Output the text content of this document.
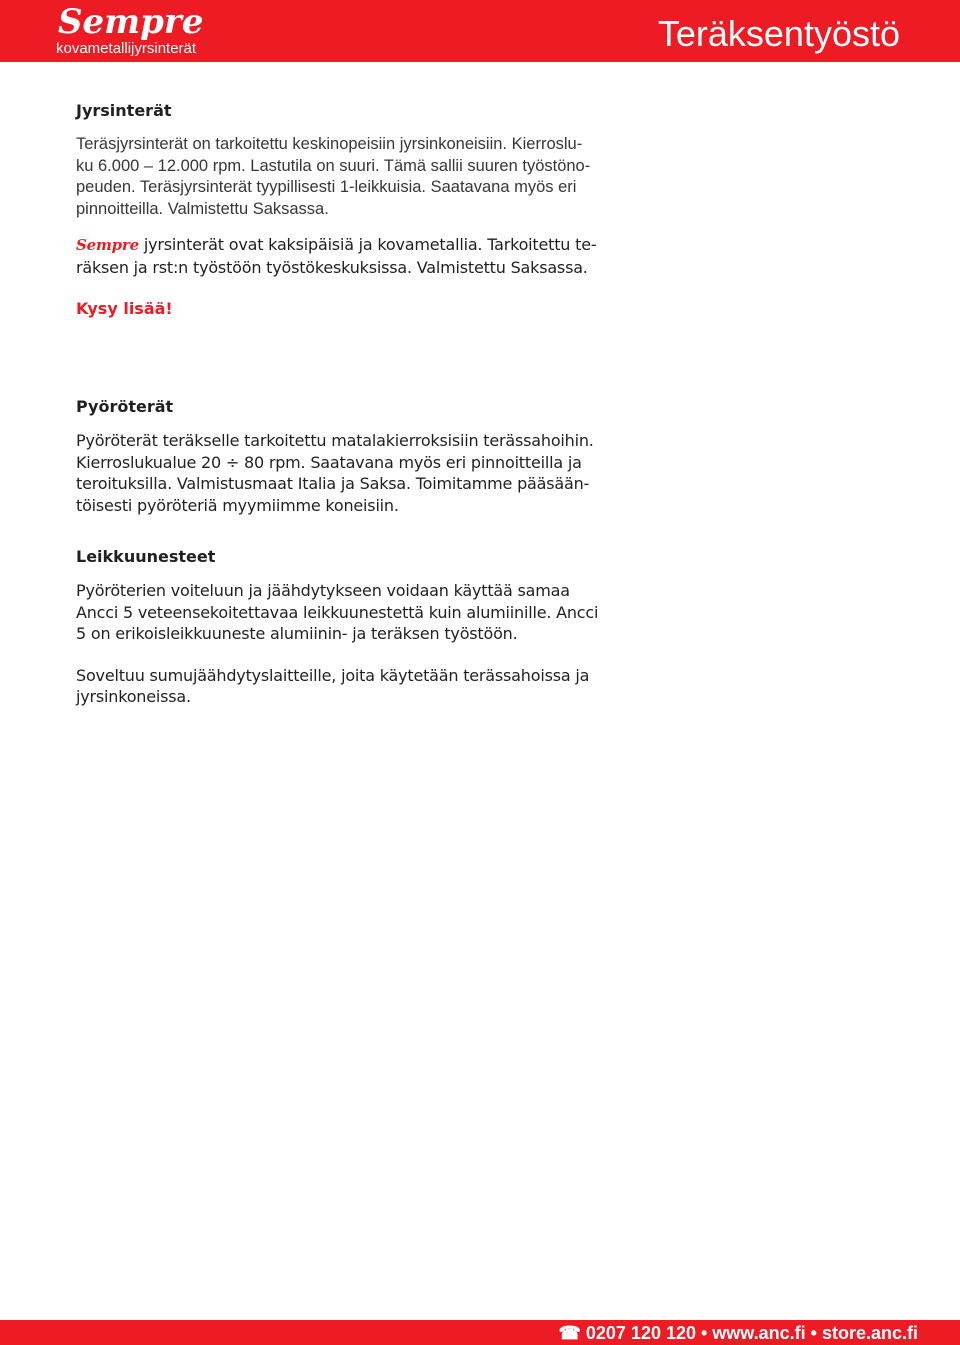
Sempre
kovametallijyrsinterät	Teräksentyöstö

Jyrsinterät

Teräsjyrsinterät on tarkoitettu keskinopeisiin jyrsinkoneisiin. Kierroslu-

ku 6.000 – 12.000 rpm. Lastutila on suuri. Tämä sallii suuren työstöno-

peuden. Teräsjyrsinterät tyypillisesti 1-leikkuisia. Saatavana myös eri

pinnoitteilla. Valmistettu Saksassa.

Sempre jyrsinterät ovat kaksipäisiä ja kovametallia. Tarkoitettu te-

räksen ja rst:n työstöön työstökeskuksissa. Valmistettu Saksassa.

Kysy lisää!

Pyöröterät

Pyöröterät teräkselle tarkoitettu matalakierroksisiin terässahoihin.

Kierroslukualue 20 ÷ 80 rpm. Saatavana myös eri pinnoitteilla ja

teroituksilla. Valmistusmaat Italia ja Saksa. Toimitamme pääsään-

töisesti pyöröteriä myymiimme koneisiin.

Leikkuunesteet

Pyöröterien voiteluun ja jäähdytykseen voidaan käyttää samaa

Ancci 5 veteensekoitettavaa leikkuunestettä kuin alumiinille. Ancci

5 on erikoisleikkuuneste alumiinin- ja teräksen työstöön.

Soveltuu sumujäähdytyslaitteille, joita käytetään terässahoissa ja

jyrsinkoneissa.

☎ 0207 120 120 • www.anc.fi • store.anc.fi
